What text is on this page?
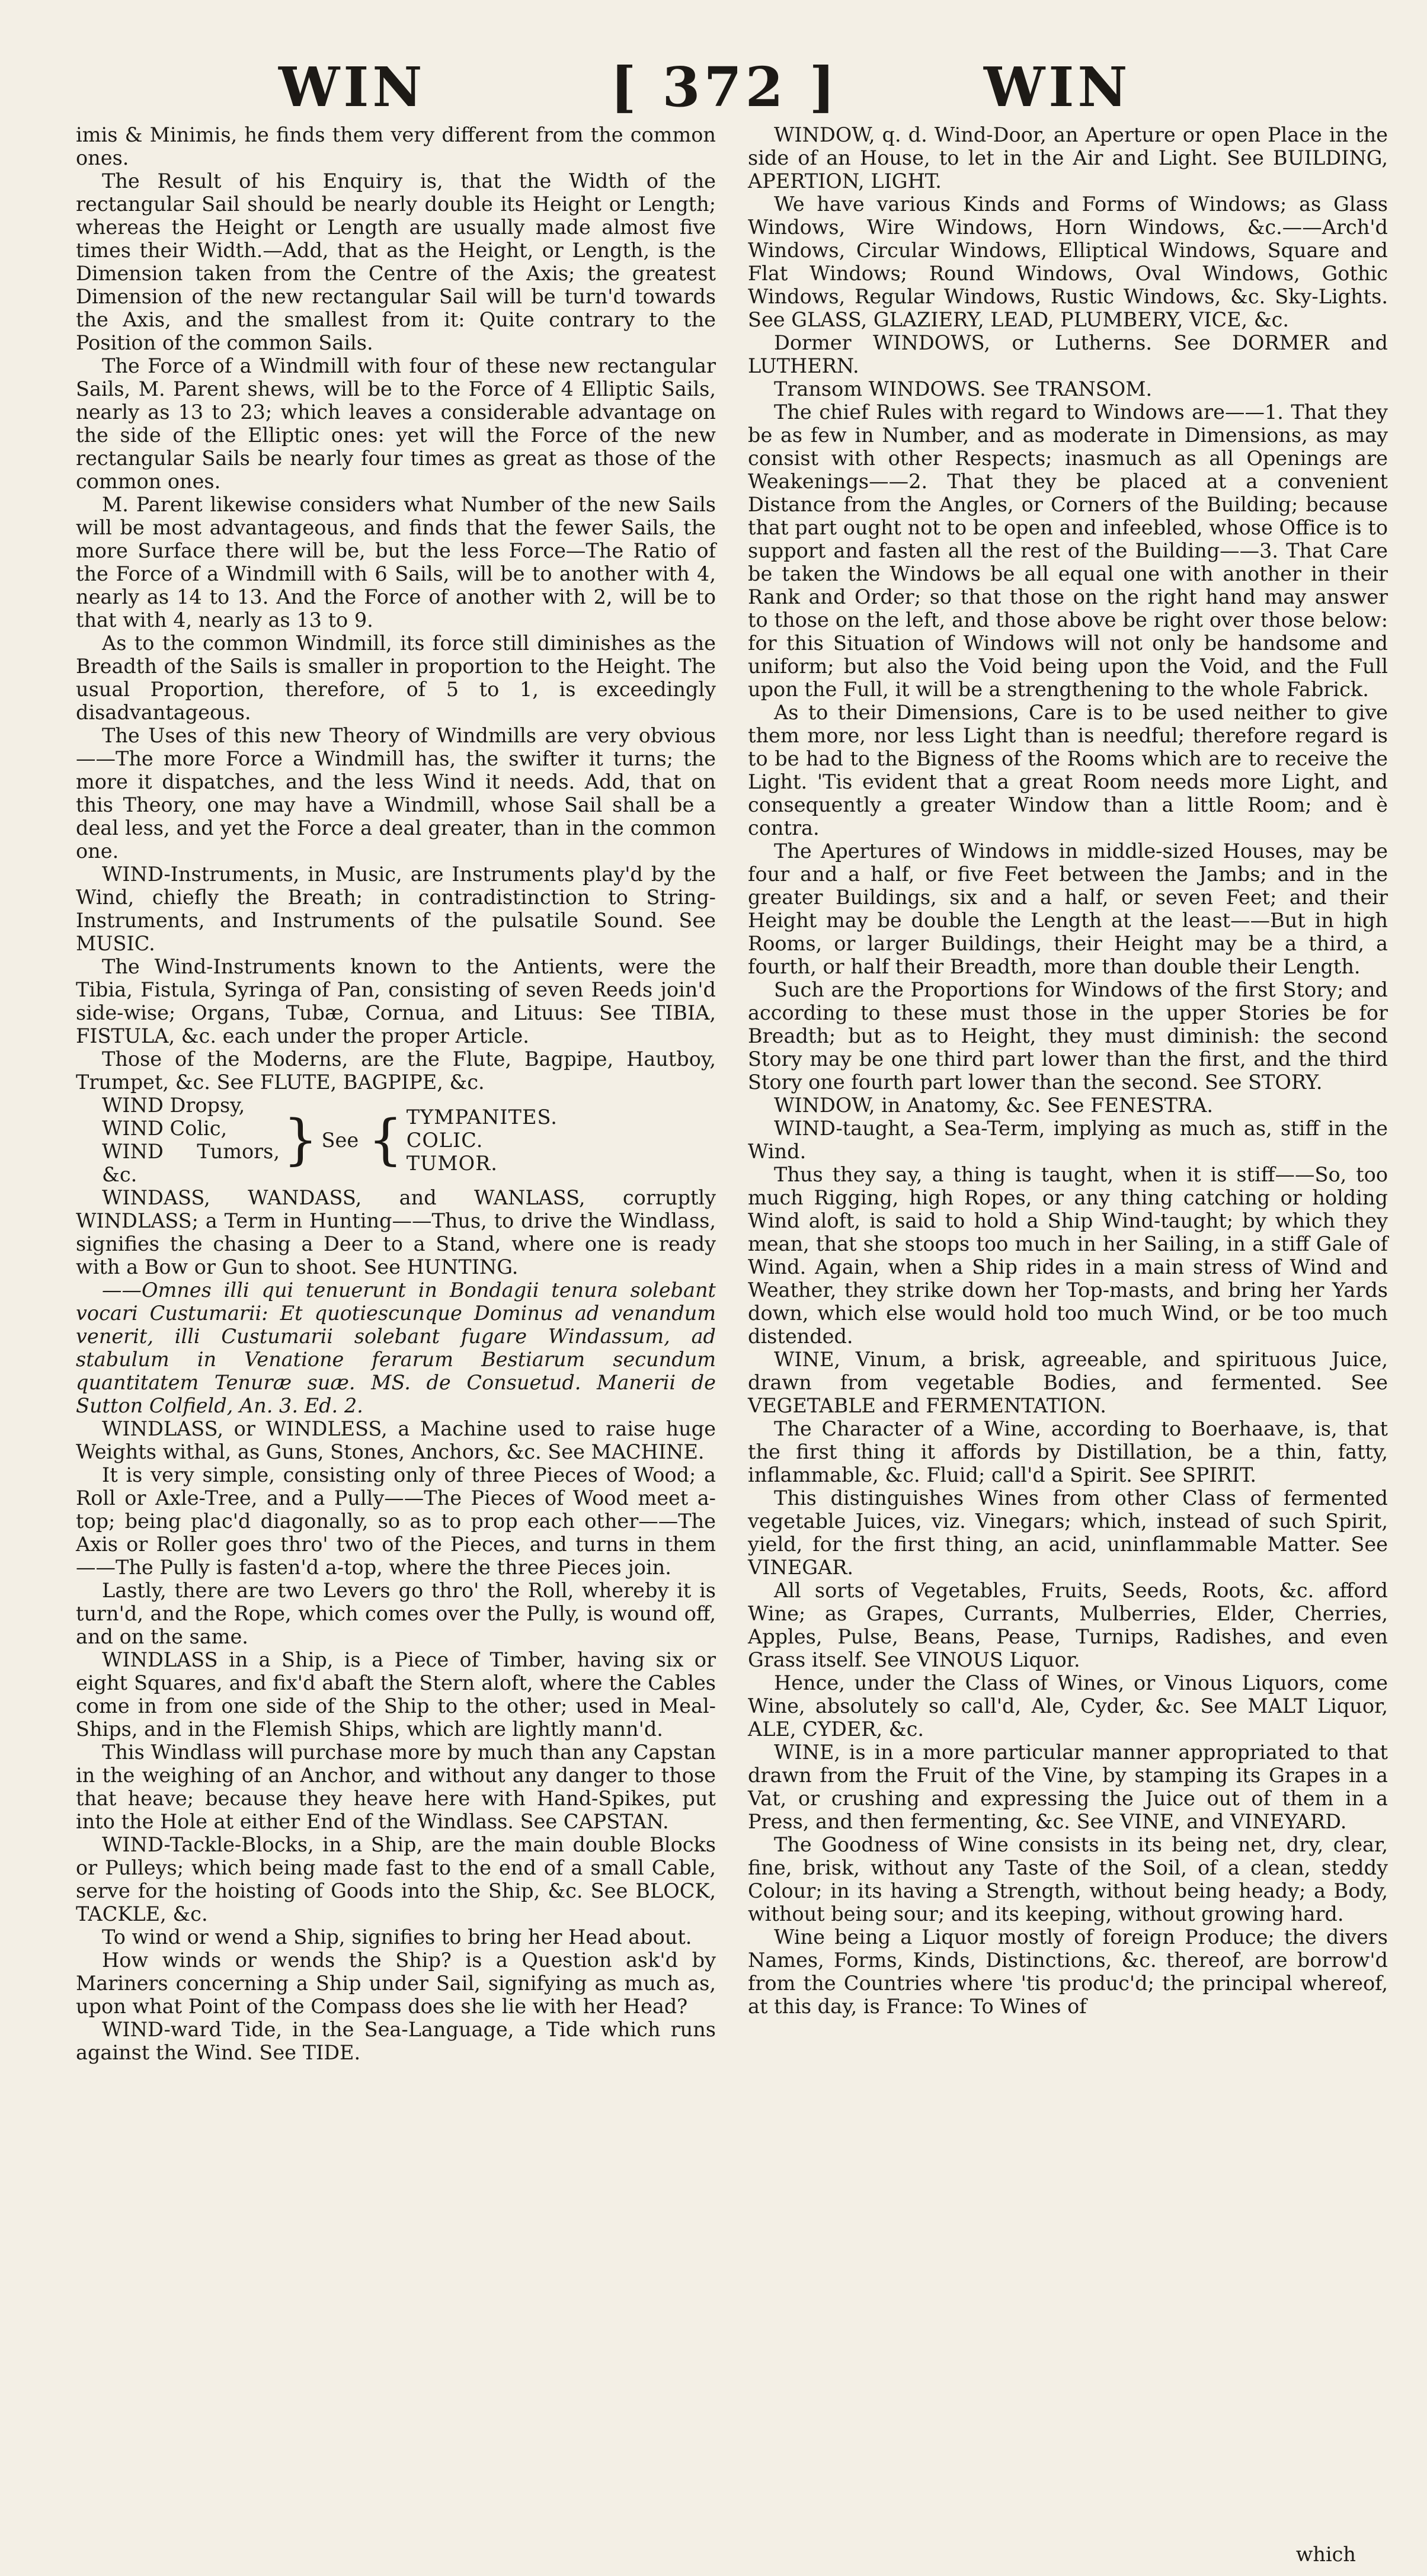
WIN	[ 372 ]	WIN

imis & Minimis, he finds them very different from the common ones.

The Result of his Enquiry is, that the Width of the rectangular Sail should be nearly double its Height or Length; whereas the Height or Length are usually made almost five times their Width.—Add, that as the Height, or Length, is the Dimension taken from the Centre of the Axis; the greatest Dimension of the new rectangular Sail will be turn'd towards the Axis, and the smallest from it: Quite contrary to the Position of the common Sails.

The Force of a Windmill with four of these new rectangular Sails, M. Parent shews, will be to the Force of 4 Elliptic Sails, nearly as 13 to 23; which leaves a considerable advantage on the side of the Elliptic ones: yet will the Force of the new rectangular Sails be nearly four times as great as those of the common ones.

M. Parent likewise considers what Number of the new Sails will be most advantageous, and finds that the fewer Sails, the more Surface there will be, but the less Force—The Ratio of the Force of a Windmill with 6 Sails, will be to another with 4, nearly as 14 to 13. And the Force of another with 2, will be to that with 4, nearly as 13 to 9.

As to the common Windmill, its force still diminishes as the Breadth of the Sails is smaller in proportion to the Height. The usual Proportion, therefore, of 5 to 1, is exceedingly disadvantageous.

The Uses of this new Theory of Windmills are very obvious——The more Force a Windmill has, the swifter it turns; the more it dispatches, and the less Wind it needs. Add, that on this Theory, one may have a Windmill, whose Sail shall be a deal less, and yet the Force a deal greater, than in the common one.

WIND-Instruments, in Music, are Instruments play'd by the Wind, chiefly the Breath; in contradistinction to String-Instruments, and Instruments of the pulsatile Sound. See MUSIC.

The Wind-Instruments known to the Antients, were the Tibia, Fistula, Syringa of Pan, consisting of seven Reeds join'd side-wise; Organs, Tubæ, Cornua, and Lituus: See TIBIA, FISTULA, &c. each under the proper Article.

Those of the Moderns, are the Flute, Bagpipe, Hautboy, Trumpet, &c. See FLUTE, BAGPIPE, &c.

WIND Dropsy,
WIND Colic,
WIND Tumors, &c.
} See { TYMPANITES.
COLIC.
TUMOR.

WINDASS, WANDASS, and WANLASS, corruptly WINDLASS; a Term in Hunting——Thus, to drive the Windlass, signifies the chasing a Deer to a Stand, where one is ready with a Bow or Gun to shoot. See HUNTING.

——Omnes illi qui tenuerunt in Bondagii tenura solebant vocari Custumarii: Et quotiescunque Dominus ad venandum venerit, illi Custumarii solebant fugare Windassum, ad stabulum in Venatione ferarum Bestiarum secundum quantitatem Tenuræ suæ. MS. de Consuetud. Manerii de Sutton Colfield, An. 3. Ed. 2.

WINDLASS, or WINDLESS, a Machine used to raise huge Weights withal, as Guns, Stones, Anchors, &c. See MACHINE.

It is very simple, consisting only of three Pieces of Wood; a Roll or Axle-Tree, and a Pully——The Pieces of Wood meet a-top; being plac'd diagonally, so as to prop each other——The Axis or Roller goes thro' two of the Pieces, and turns in them——The Pully is fasten'd a-top, where the three Pieces join.

Lastly, there are two Levers go thro' the Roll, whereby it is turn'd, and the Rope, which comes over the Pully, is wound off, and on the same.

WINDLASS in a Ship, is a Piece of Timber, having six or eight Squares, and fix'd abaft the Stern aloft, where the Cables come in from one side of the Ship to the other; used in Meal-Ships, and in the Flemish Ships, which are lightly mann'd.

This Windlass will purchase more by much than any Capstan in the weighing of an Anchor, and without any danger to those that heave; because they heave here with Hand-Spikes, put into the Hole at either End of the Windlass. See CAPSTAN.

WIND-Tackle-Blocks, in a Ship, are the main double Blocks or Pulleys; which being made fast to the end of a small Cable, serve for the hoisting of Goods into the Ship, &c. See BLOCK, TACKLE, &c.

To wind or wend a Ship, signifies to bring her Head about.

How winds or wends the Ship? is a Question ask'd by Mariners concerning a Ship under Sail, signifying as much as, upon what Point of the Compass does she lie with her Head?

WIND-ward Tide, in the Sea-Language, a Tide which runs against the Wind. See TIDE.

WINDOW, q. d. Wind-Door, an Aperture or open Place in the side of an House, to let in the Air and Light. See BUILDING, APERTION, LIGHT.

We have various Kinds and Forms of Windows; as Glass Windows, Wire Windows, Horn Windows, &c.——Arch'd Windows, Circular Windows, Elliptical Windows, Square and Flat Windows; Round Windows, Oval Windows, Gothic Windows, Regular Windows, Rustic Windows, &c. Sky-Lights. See GLASS, GLAZIERY, LEAD, PLUMBERY, VICE, &c.

Dormer WINDOWS, or Lutherns. See DORMER and LUTHERN.

Transom WINDOWS. See TRANSOM.

The chief Rules with regard to Windows are——1. That they be as few in Number, and as moderate in Dimensions, as may consist with other Respects; inasmuch as all Openings are Weakenings——2. That they be placed at a convenient Distance from the Angles, or Corners of the Building; because that part ought not to be open and infeebled, whose Office is to support and fasten all the rest of the Building——3. That Care be taken the Windows be all equal one with another in their Rank and Order; so that those on the right hand may answer to those on the left, and those above be right over those below: for this Situation of Windows will not only be handsome and uniform; but also the Void being upon the Void, and the Full upon the Full, it will be a strengthening to the whole Fabrick.

As to their Dimensions, Care is to be used neither to give them more, nor less Light than is needful; therefore regard is to be had to the Bigness of the Rooms which are to receive the Light. 'Tis evident that a great Room needs more Light, and consequently a greater Window than a little Room; and è contra.

The Apertures of Windows in middle-sized Houses, may be four and a half, or five Feet between the Jambs; and in the greater Buildings, six and a half, or seven Feet; and their Height may be double the Length at the least——But in high Rooms, or larger Buildings, their Height may be a third, a fourth, or half their Breadth, more than double their Length.

Such are the Proportions for Windows of the first Story; and according to these must those in the upper Stories be for Breadth; but as to Height, they must diminish: the second Story may be one third part lower than the first, and the third Story one fourth part lower than the second. See STORY.

WINDOW, in Anatomy, &c. See FENESTRA.

WIND-taught, a Sea-Term, implying as much as, stiff in the Wind.

Thus they say, a thing is taught, when it is stiff——So, too much Rigging, high Ropes, or any thing catching or holding Wind aloft, is said to hold a Ship Wind-taught; by which they mean, that she stoops too much in her Sailing, in a stiff Gale of Wind. Again, when a Ship rides in a main stress of Wind and Weather, they strike down her Top-masts, and bring her Yards down, which else would hold too much Wind, or be too much distended.

WINE, Vinum, a brisk, agreeable, and spirituous Juice, drawn from vegetable Bodies, and fermented. See VEGETABLE and FERMENTATION.

The Character of a Wine, according to Boerhaave, is, that the first thing it affords by Distillation, be a thin, fatty, inflammable, &c. Fluid; call'd a Spirit. See SPIRIT.

This distinguishes Wines from other Class of fermented vegetable Juices, viz. Vinegars; which, instead of such Spirit, yield, for the first thing, an acid, uninflammable Matter. See VINEGAR.

All sorts of Vegetables, Fruits, Seeds, Roots, &c. afford Wine; as Grapes, Currants, Mulberries, Elder, Cherries, Apples, Pulse, Beans, Pease, Turnips, Radishes, and even Grass itself. See VINOUS Liquor.

Hence, under the Class of Wines, or Vinous Liquors, come Wine, absolutely so call'd, Ale, Cyder, &c. See MALT Liquor, ALE, CYDER, &c.

WINE, is in a more particular manner appropriated to that drawn from the Fruit of the Vine, by stamping its Grapes in a Vat, or crushing and expressing the Juice out of them in a Press, and then fermenting, &c. See VINE, and VINEYARD.

The Goodness of Wine consists in its being net, dry, clear, fine, brisk, without any Taste of the Soil, of a clean, steddy Colour; in its having a Strength, without being heady; a Body, without being sour; and its keeping, without growing hard.

Wine being a Liquor mostly of foreign Produce; the divers Names, Forms, Kinds, Distinctions, &c. thereof, are borrow'd from the Countries where 'tis produc'd; the principal whereof, at this day, is France: To Wines of

which
